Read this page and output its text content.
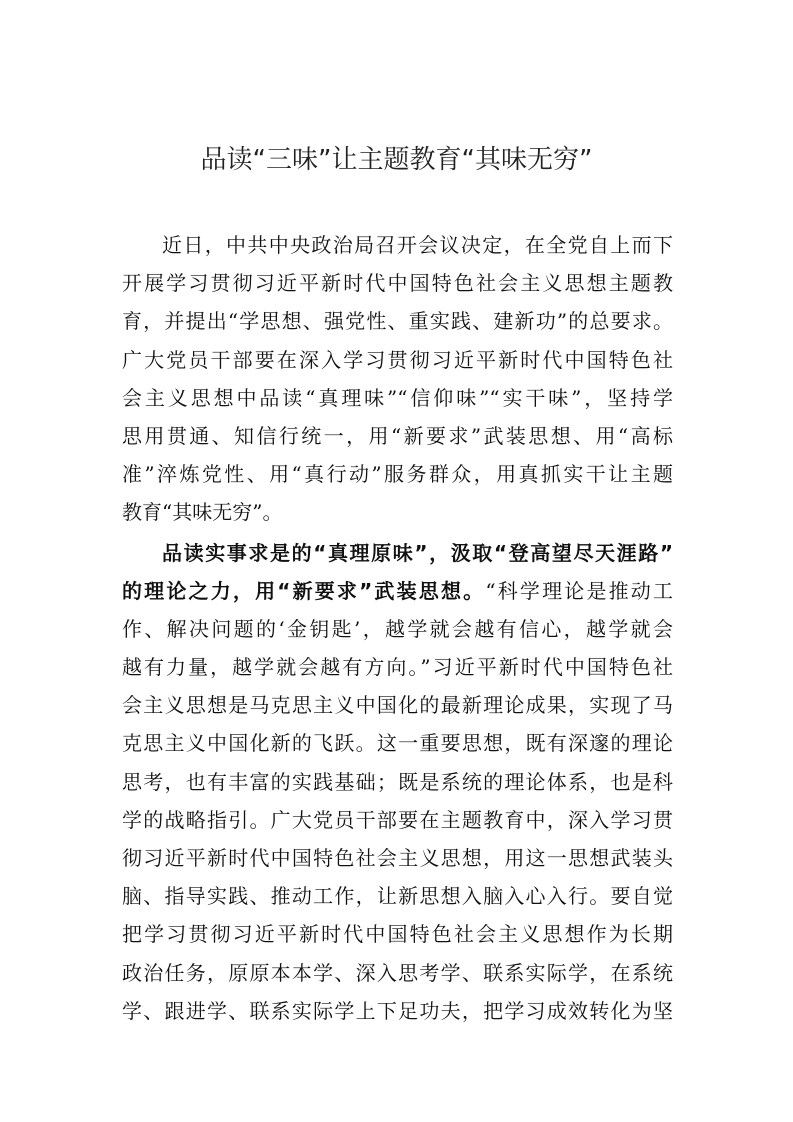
品读“三味”让主题教育“其味无穷”
近日，中共中央政治局召开会议决定，在全党自上而下
开展学习贯彻习近平新时代中国特色社会主义思想主题教
育，并提出“学思想、强党性、重实践、建新功”的总要求。
广大党员干部要在深入学习贯彻习近平新时代中国特色社
会主义思想中品读“真理味”“信仰味”“实干味”，坚持学
思用贯通、知信行统一，用“新要求”武装思想、用“高标
准”淬炼党性、用“真行动”服务群众，用真抓实干让主题
教育“其味无穷”。
品读实事求是的“真理原味”，汲取“登高望尽天涯路”
的理论之力，用“新要求”武装思想。“科学理论是推动工
作、解决问题的‘金钥匙’，越学就会越有信心，越学就会
越有力量，越学就会越有方向。”习近平新时代中国特色社
会主义思想是马克思主义中国化的最新理论成果，实现了马
克思主义中国化新的飞跃。这一重要思想，既有深邃的理论
思考，也有丰富的实践基础；既是系统的理论体系，也是科
学的战略指引。广大党员干部要在主题教育中，深入学习贯
彻习近平新时代中国特色社会主义思想，用这一思想武装头
脑、指导实践、推动工作，让新思想入脑入心入行。要自觉
把学习贯彻习近平新时代中国特色社会主义思想作为长期
政治任务，原原本本学、深入思考学、联系实际学，在系统
学、跟进学、联系实际学上下足功夫，把学习成效转化为坚
